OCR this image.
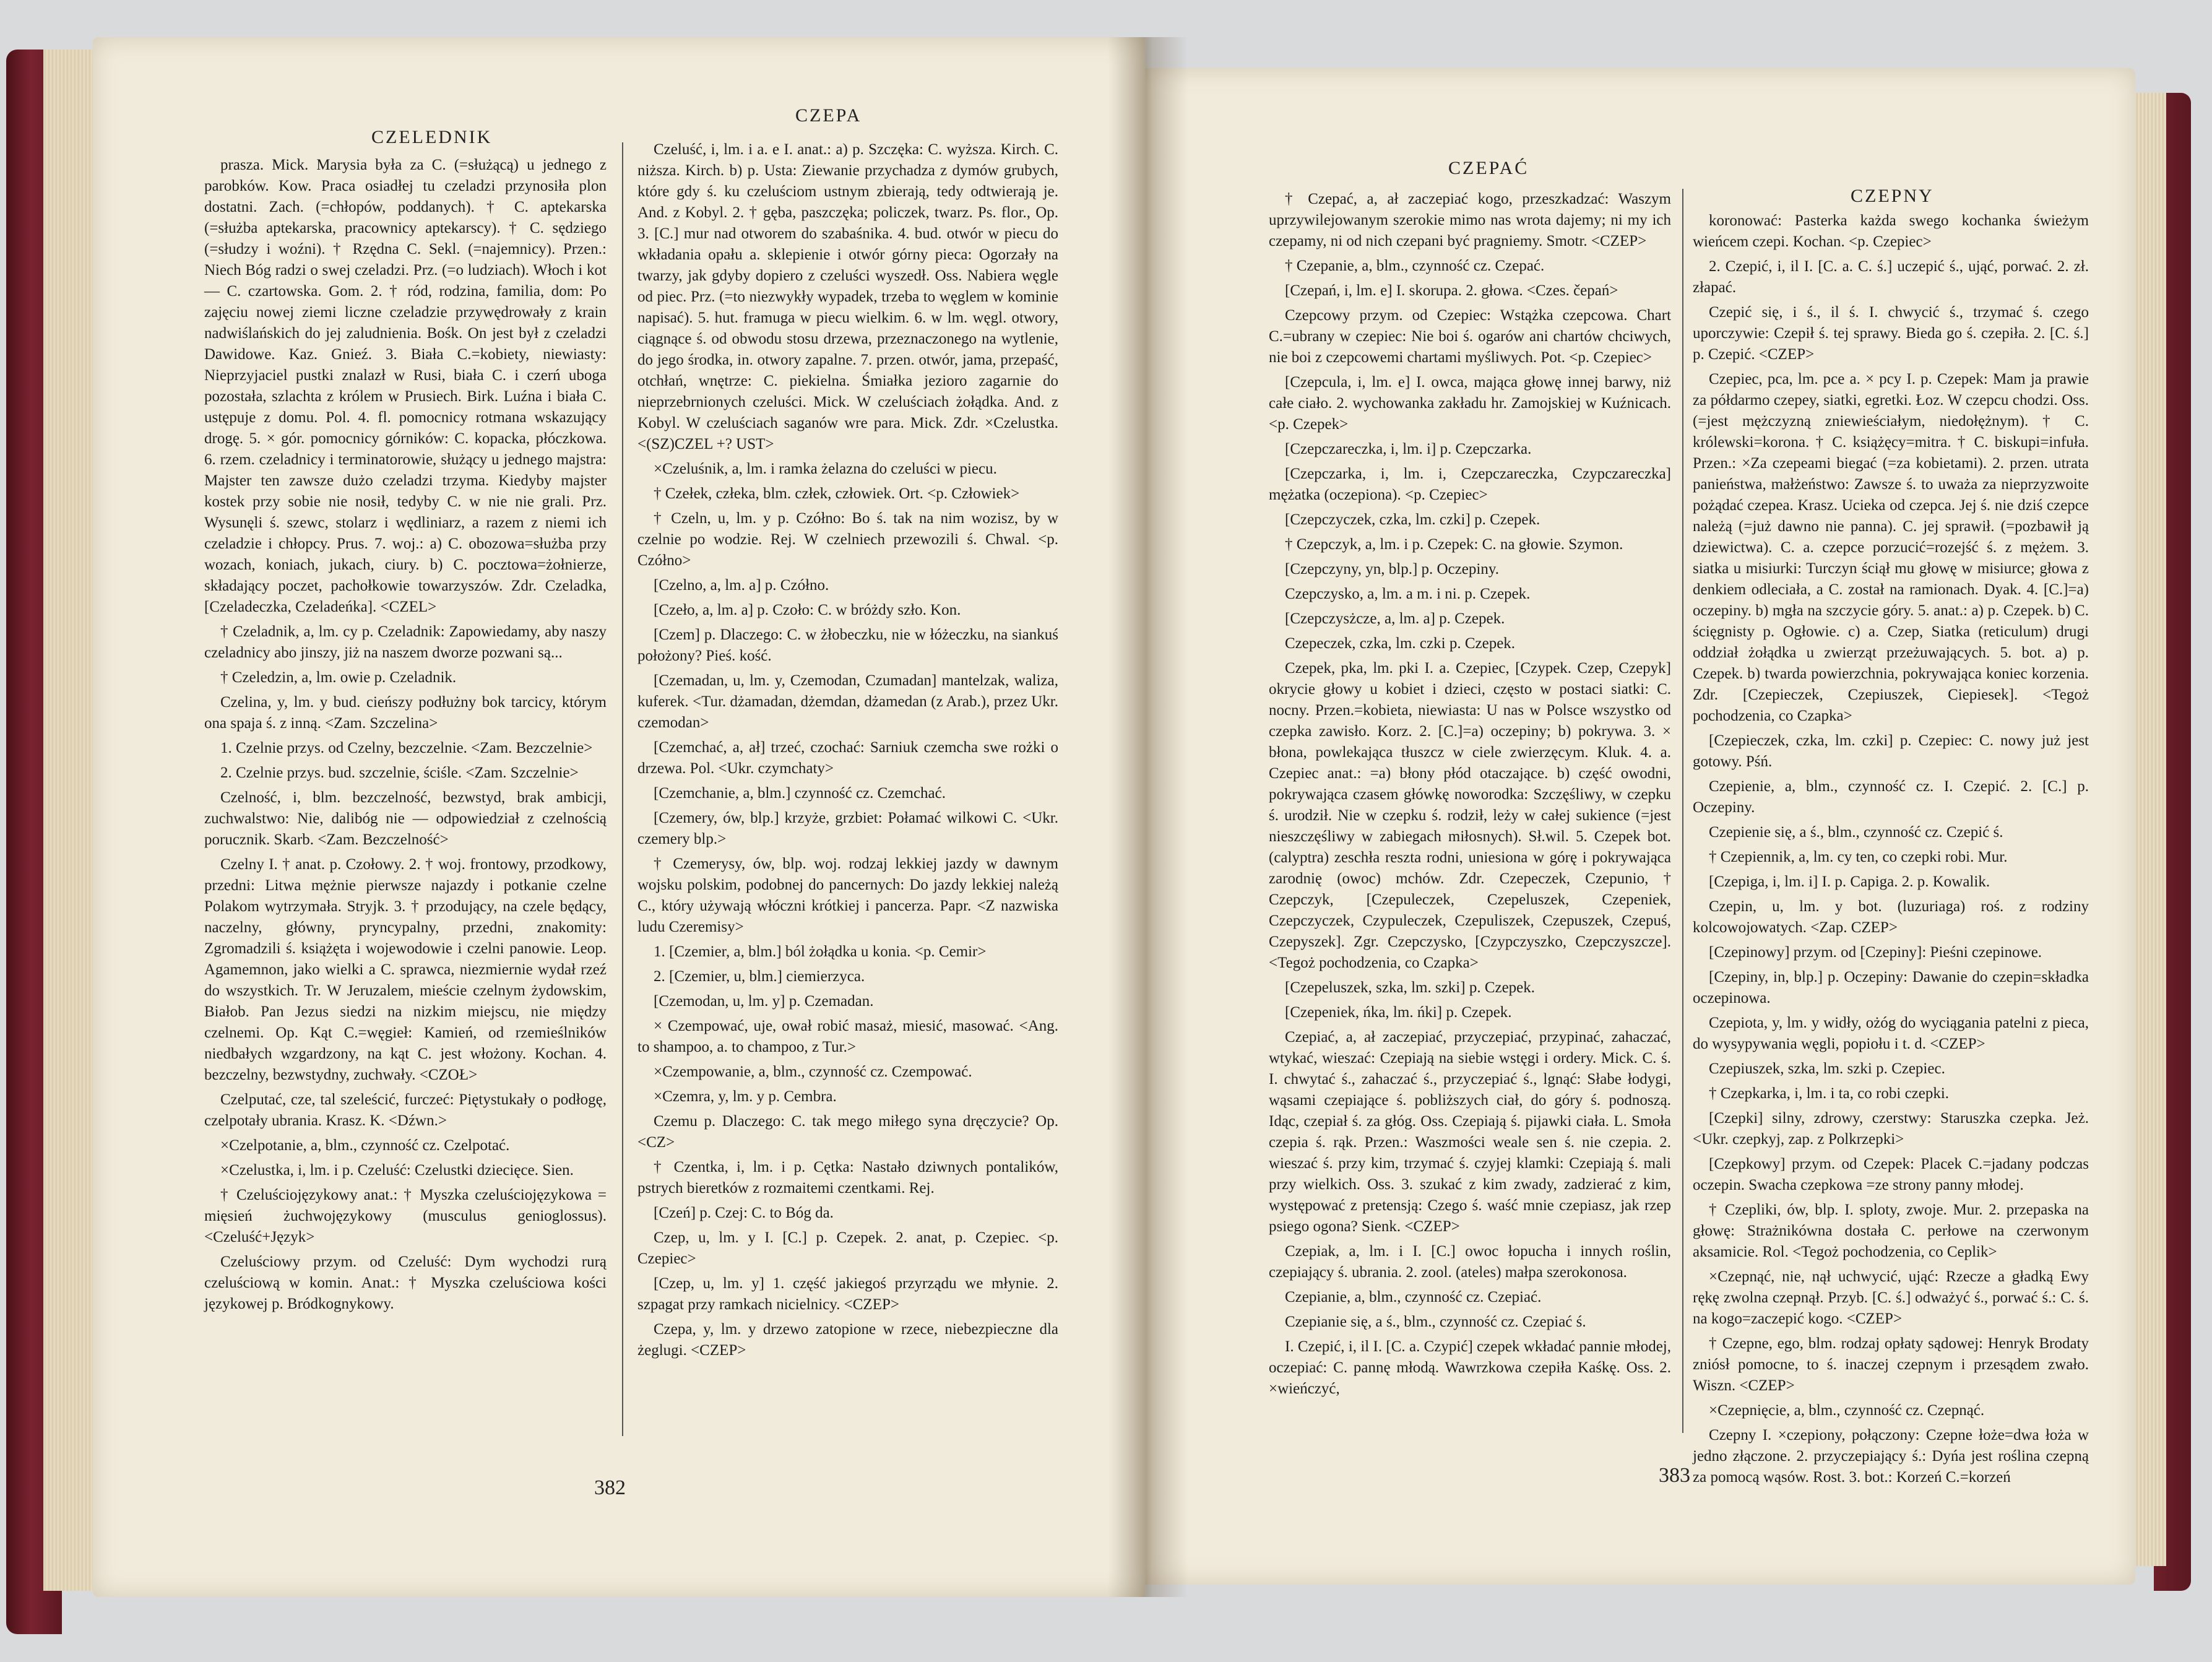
CZELEDNIK
CZEPA

prasza. Mick. Marysia była za C. (=służącą) u jednego z parobków. Kow. Praca osiadłej tu czeladzi przynosiła plon dostatni. Zach. (=chłopów, poddanych). † C. aptekarska (=służba aptekarska, pracownicy aptekarscy). † C. sędziego (=słudzy i woźni). † Rzędna C. Sekl. (=najemnicy). Przen.: Niech Bóg radzi o swej czeladzi. Prz. (=o ludziach). Włoch i kot — C. czartowska. Gom. 2. † ród, rodzina, familia, dom: Po zajęciu nowej ziemi liczne czeladzie przywędrowały z krain nadwiślańskich do jej zaludnienia. Bośk. On jest był z czeladzi Dawidowe. Kaz. Gnieź. 3. Biała C.=kobiety, niewiasty: Nieprzyjaciel pustki znalazł w Rusi, biała C. i czerń uboga pozostała, szlachta z królem w Prusiech. Birk. Luźna i biała C. ustępuje z domu. Pol. 4. fl. pomocnicy rotmana wskazujący drogę. 5. × gór. pomocnicy górników: C. kopacka, płóczkowa. 6. rzem. czeladnicy i terminatorowie, służący u jednego majstra: Majster ten zawsze dużo czeladzi trzyma. Kiedyby majster kostek przy sobie nie nosił, tedyby C. w nie nie grali. Prz. Wysunęli ś. szewc, stolarz i wędliniarz, a razem z niemi ich czeladzie i chłopcy. Prus. 7. woj.: a) C. obozowa=służba przy wozach, koniach, jukach, ciury. b) C. pocztowa=żołnierze, składający poczet, pachołkowie towarzyszów. Zdr. Czeladka, [Czeladeczka, Czeladeńka]. <CZEL>

† Czeladnik, a, lm. cy p. Czeladnik: Zapowiedamy, aby naszy czeladnicy abo jinszy, jiż na naszem dworze pozwani są...

† Czeledzin, a, lm. owie p. Czeladnik.

Czelina, y, lm. y bud. cieńszy podłużny bok tarcicy, którym ona spaja ś. z inną. <Zam. Szczelina>

1. Czelnie przys. od Czelny, bezczelnie. <Zam. Bezczelnie>

2. Czelnie przys. bud. szczelnie, ściśle. <Zam. Szczelnie>

Czelność, i, blm. bezczelność, bezwstyd, brak ambicji, zuchwalstwo: Nie, dalibóg nie — odpowiedział z czelnością porucznik. Skarb. <Zam. Bezczelność>

Czelny I. † anat. p. Czołowy. 2. † woj. frontowy, przodkowy, przedni: Litwa mężnie pierwsze najazdy i potkanie czelne Polakom wytrzymała. Stryjk. 3. † przodujący, na czele będący, naczelny, główny, pryncypalny, przedni, znakomity: Zgromadzili ś. książęta i wojewodowie i czelni panowie. Leop. Agamemnon, jako wielki a C. sprawca, niezmiernie wydał rzeź do wszystkich. Tr. W Jeruzalem, mieście czelnym żydowskim, Białob. Pan Jezus siedzi na nizkim miejscu, nie między czelnemi. Op. Kąt C.=węgieł: Kamień, od rzemieślników niedbałych wzgardzony, na kąt C. jest włożony. Kochan. 4. bezczelny, bezwstydny, zuchwały. <CZOŁ>

Czelputać, cze, tal szeleścić, furczeć: Piętystukały o podłogę, czelpotały ubrania. Krasz. K. <Dźwn.>

×Czelpotanie, a, blm., czynność cz. Czelpotać.

×Czelustka, i, lm. i p. Czeluść: Czelustki dziecięce. Sien.

† Czeluściojęzykowy anat.: † Myszka czeluściojęzykowa = mięsień żuchwojęzykowy (musculus genioglossus). <Czeluść+Język>

Czeluściowy przym. od Czeluść: Dym wychodzi rurą czeluściową w komin. Anat.: † Myszka czeluściowa kości językowej p. Bródkognykowy.

Czeluść, i, lm. i a. e I. anat.: a) p. Szczęka: C. wyższa. Kirch. C. niższa. Kirch. b) p. Usta: Ziewanie przychadza z dymów grubych, które gdy ś. ku czeluściom ustnym zbierają, tedy odtwierają je. And. z Kobyl. 2. † gęba, paszczęka; policzek, twarz. Ps. flor., Op. 3. [C.] mur nad otworem do szabaśnika. 4. bud. otwór w piecu do wkładania opału a. sklepienie i otwór górny pieca: Ogorzały na twarzy, jak gdyby dopiero z czeluści wyszedł. Oss. Nabiera węgle od piec. Prz. (=to niezwykły wypadek, trzeba to węglem w kominie napisać). 5. hut. framuga w piecu wielkim. 6. w lm. węgl. otwory, ciągnące ś. od obwodu stosu drzewa, przeznaczonego na wytlenie, do jego środka, in. otwory zapalne. 7. przen. otwór, jama, przepaść, otchłań, wnętrze: C. piekielna. Śmiałka jezioro zagarnie do nieprzebrnionych czeluści. Mick. W czeluściach żołądka. And. z Kobyl. W czeluściach saganów wre para. Mick. Zdr. ×Czelustka. <(SZ)CZEL +? UST>

×Czeluśnik, a, lm. i ramka żelazna do czeluści w piecu.

† Czełek, człeka, blm. człek, człowiek. Ort. <p. Człowiek>

† Czeln, u, lm. y p. Czółno: Bo ś. tak na nim wozisz, by w czelnie po wodzie. Rej. W czelniech przewozili ś. Chwal. <p. Czółno>

[Czelno, a, lm. a] p. Czółno.

[Czeło, a, lm. a] p. Czoło: C. w bróżdy szło. Kon.

[Czem] p. Dlaczego: C. w żłobeczku, nie w łóżeczku, na siankuś położony? Pieś. kość.

[Czemadan, u, lm. y, Czemodan, Czumadan] mantelzak, waliza, kuferek. <Tur. dżamadan, dżemdan, dżamedan (z Arab.), przez Ukr. czemodan>

[Czemchać, a, ał] trzeć, czochać: Sarniuk czemcha swe rożki o drzewa. Pol. <Ukr. czymchaty>

[Czemchanie, a, blm.] czynność cz. Czemchać.

[Czemery, ów, blp.] krzyże, grzbiet: Połamać wilkowi C. <Ukr. czemery blp.>

† Czemerysy, ów, blp. woj. rodzaj lekkiej jazdy w dawnym wojsku polskim, podobnej do pancernych: Do jazdy lekkiej należą C., który używają włóczni krótkiej i pancerza. Papr. <Z nazwiska ludu Czeremisy>

1. [Czemier, a, blm.] ból żołądka u konia. <p. Cemir>

2. [Czemier, u, blm.] ciemierzyca.

[Czemodan, u, lm. y] p. Czemadan.

× Czempować, uje, ował robić masaż, miesić, masować. <Ang. to shampoo, a. to champoo, z Tur.>

×Czempowanie, a, blm., czynność cz. Czempować.

×Czemra, y, lm. y p. Cembra.

Czemu p. Dlaczego: C. tak mego miłego syna dręczycie? Op. <CZ>

† Czentka, i, lm. i p. Cętka: Nastało dziwnych pontalików, pstrych bieretków z rozmaitemi czentkami. Rej.

[Czeń] p. Czej: C. to Bóg da.

Czep, u, lm. y I. [C.] p. Czepek. 2. anat, p. Czepiec. <p. Czepiec>

[Czep, u, lm. y] 1. część jakiegoś przyrządu we młynie. 2. szpagat przy ramkach nicielnicy. <CZEP>

Czepa, y, lm. y drzewo zatopione w rzece, niebezpieczne dla żeglugi. <CZEP>

382
CZEPAĆ
CZEPNY

† Czepać, a, ał zaczepiać kogo, przeszkadzać: Waszym uprzywilejowanym szerokie mimo nas wrota dajemy; ni my ich czepamy, ni od nich czepani być pragniemy. Smotr. <CZEP>

† Czepanie, a, blm., czynność cz. Czepać.

[Czepań, i, lm. e] I. skorupa. 2. głowa. <Czes. čepań>

Czepcowy przym. od Czepiec: Wstążka czepcowa. Chart C.=ubrany w czepiec: Nie boi ś. ogarów ani chartów chciwych, nie boi z czepcowemi chartami myśliwych. Pot. <p. Czepiec>

[Czepcula, i, lm. e] I. owca, mająca głowę innej barwy, niż całe ciało. 2. wychowanka zakładu hr. Zamojskiej w Kuźnicach. <p. Czepek>

[Czepczareczka, i, lm. i] p. Czepczarka.

[Czepczarka, i, lm. i, Czepczareczka, Czypczareczka] mężatka (oczepiona). <p. Czepiec>

[Czepczyczek, czka, lm. czki] p. Czepek.

† Czepczyk, a, lm. i p. Czepek: C. na głowie. Szymon.

[Czepczyny, yn, blp.] p. Oczepiny.

Czepczysko, a, lm. a m. i ni. p. Czepek.

[Czepczysżcze, a, lm. a] p. Czepek.

Czepeczek, czka, lm. czki p. Czepek.

Czepek, pka, lm. pki I. a. Czepiec, [Czypek. Czep, Czepyk] okrycie głowy u kobiet i dzieci, często w postaci siatki: C. nocny. Przen.=kobieta, niewiasta: U nas w Polsce wszystko od czepka zawisło. Korz. 2. [C.]=a) oczepiny; b) pokrywa. 3. × błona, powlekająca tłuszcz w ciele zwierzęcym. Kluk. 4. a. Czepiec anat.: =a) błony płód otaczające. b) część owodni, pokrywająca czasem główkę noworodka: Szczęśliwy, w czepku ś. urodził. Nie w czepku ś. rodził, leży w całej sukience (=jest nieszczęśliwy w zabiegach miłosnych). Sł.wil. 5. Czepek bot. (calyptra) zeschła reszta rodni, uniesiona w górę i pokrywająca zarodnię (owoc) mchów. Zdr. Czepeczek, Czepunio, † Czepczyk, [Czepuleczek, Czepeluszek, Czepeniek, Czepczyczek, Czypuleczek, Czepuliszek, Czepuszek, Czepuś, Czepyszek]. Zgr. Czepczysko, [Czypczyszko, Czepczyszcze]. <Tegoż pochodzenia, co Czapka>

[Czepeluszek, szka, lm. szki] p. Czepek.

[Czepeniek, ńka, lm. ńki] p. Czepek.

Czepiać, a, ał zaczepiać, przyczepiać, przypinać, zahaczać, wtykać, wieszać: Czepiają na siebie wstęgi i ordery. Mick. C. ś. I. chwytać ś., zahaczać ś., przyczepiać ś., lgnąć: Słabe łodygi, wąsami czepiające ś. pobliższych ciał, do góry ś. podnoszą. Idąc, czepiał ś. za głóg. Oss. Czepiają ś. pijawki ciała. L. Smoła czepia ś. rąk. Przen.: Waszmości weale sen ś. nie czepia. 2. wieszać ś. przy kim, trzymać ś. czyjej klamki: Czepiają ś. mali przy wielkich. Oss. 3. szukać z kim zwady, zadzierać z kim, występować z pretensją: Czego ś. waść mnie czepiasz, jak rzep psiego ogona? Sienk. <CZEP>

Czepiak, a, lm. i I. [C.] owoc łopucha i innych roślin, czepiający ś. ubrania. 2. zool. (ateles) małpa szerokonosa.

Czepianie, a, blm., czynność cz. Czepiać.

Czepianie się, a ś., blm., czynność cz. Czepiać ś.

I. Czepić, i, il I. [C. a. Czypić] czepek wkładać pannie młodej, oczepiać: C. pannę młodą. Wawrzkowa czepiła Kaśkę. Oss. 2. ×wieńczyć,

koronować: Pasterka każda swego kochanka świeżym wieńcem czepi. Kochan. <p. Czepiec>

2. Czepić, i, il I. [C. a. C. ś.] uczepić ś., ująć, porwać. 2. zł. złapać.

Czepić się, i ś., il ś. I. chwycić ś., trzymać ś. czego uporczywie: Czepił ś. tej sprawy. Bieda go ś. czepiła. 2. [C. ś.] p. Czepić. <CZEP>

Czepiec, pca, lm. pce a. × pcy I. p. Czepek: Mam ja prawie za półdarmo czepey, siatki, egretki. Łoz. W czepcu chodzi. Oss. (=jest mężczyzną zniewieściałym, niedołężnym). † C. królewski=korona. † C. książęcy=mitra. † C. biskupi=infuła. Przen.: ×Za czepeami biegać (=za kobietami). 2. przen. utrata panieństwa, małżeństwo: Zawsze ś. to uważa za nieprzyzwoite pożądać czepea. Krasz. Ucieka od czepca. Jej ś. nie dziś czepce należą (=już dawno nie panna). C. jej sprawił. (=pozbawił ją dziewictwa). C. a. czepce porzucić=rozejść ś. z mężem. 3. siatka u misiurki: Turczyn ściął mu głowę w misiurce; głowa z denkiem odleciała, a C. został na ramionach. Dyak. 4. [C.]=a) oczepiny. b) mgła na szczycie góry. 5. anat.: a) p. Czepek. b) C. ścięgnisty p. Ogłowie. c) a. Czep, Siatka (reticulum) drugi oddział żołądka u zwierząt przeżuwających. 5. bot. a) p. Czepek. b) twarda powierzchnia, pokrywająca koniec korzenia. Zdr. [Czepieczek, Czepiuszek, Ciepiesek]. <Tegoż pochodzenia, co Czapka>

[Czepieczek, czka, lm. czki] p. Czepiec: C. nowy już jest gotowy. Pśń.

Czepienie, a, blm., czynność cz. I. Czepić. 2. [C.] p. Oczepiny.

Czepienie się, a ś., blm., czynność cz. Czepić ś.

† Czepiennik, a, lm. cy ten, co czepki robi. Mur.

[Czepiga, i, lm. i] I. p. Capiga. 2. p. Kowalik.

Czepin, u, lm. y bot. (luzuriaga) roś. z rodziny kolcowojowatych. <Zap. CZEP>

[Czepinowy] przym. od [Czepiny]: Pieśni czepinowe.

[Czepiny, in, blp.] p. Oczepiny: Dawanie do czepin=składka oczepinowa.

Czepiota, y, lm. y widły, ożóg do wyciągania patelni z pieca, do wysypywania węgli, popiołu i t. d. <CZEP>

Czepiuszek, szka, lm. szki p. Czepiec.

† Czepkarka, i, lm. i ta, co robi czepki.

[Czepki] silny, zdrowy, czerstwy: Staruszka czepka. Jeż. <Ukr. czepkyj, zap. z Polkrzepki>

[Czepkowy] przym. od Czepek: Placek C.=jadany podczas oczepin. Swacha czepkowa =ze strony panny młodej.

† Czepliki, ów, blp. I. sploty, zwoje. Mur. 2. przepaska na głowę: Strażnikówna dostała C. perłowe na czerwonym aksamicie. Rol. <Tegoż pochodzenia, co Ceplik>

×Czepnąć, nie, nął uchwycić, ująć: Rzecze a gładką Ewy rękę zwolna czepnął. Przyb. [C. ś.] odważyć ś., porwać ś.: C. ś. na kogo=zaczepić kogo. <CZEP>

† Czepne, ego, blm. rodzaj opłaty sądowej: Henryk Brodaty zniósł pomocne, to ś. inaczej czepnym i przesądem zwało. Wiszn. <CZEP>

×Czepnięcie, a, blm., czynność cz. Czepnąć.

Czepny I. ×czepiony, połączony: Czepne łoże=dwa łoża w jedno złączone. 2. przyczepiający ś.: Dyńa jest roślina czepną za pomocą wąsów. Rost. 3. bot.: Korzeń C.=korzeń

383
